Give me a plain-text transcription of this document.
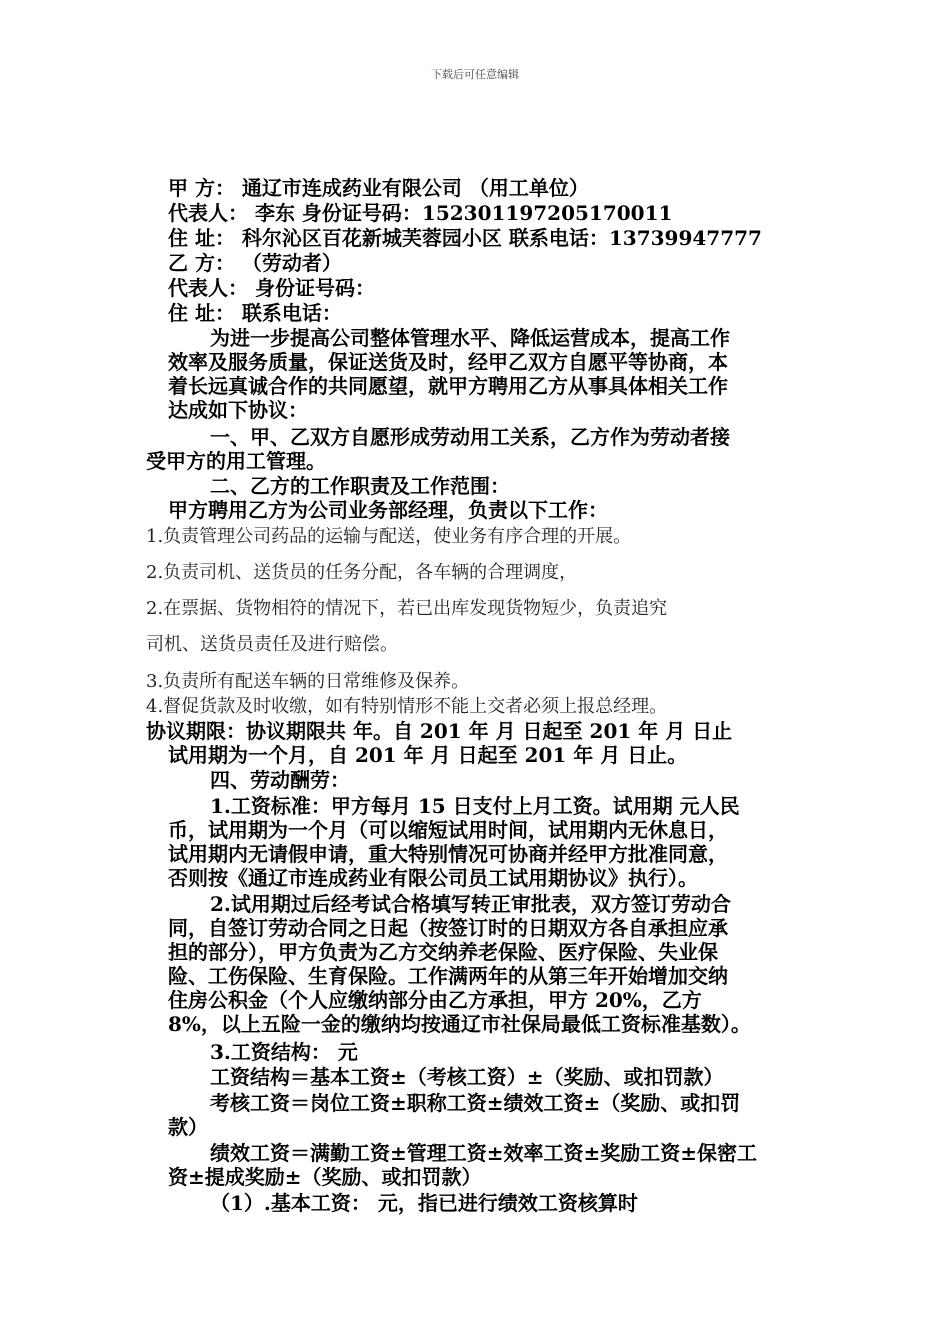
下载后可任意编辑
甲 方： 通辽市连成药业有限公司 （用工单位）
代表人： 李东 身份证号码：152301197205170011
住 址： 科尔沁区百花新城芙蓉园小区 联系电话：13739947777
乙 方： （劳动者）
代表人： 身份证号码：
住 址： 联系电话：
为进一步提高公司整体管理水平、降低运营成本，提高工作
效率及服务质量，保证送货及时，经甲乙双方自愿平等协商，本
着长远真诚合作的共同愿望，就甲方聘用乙方从事具体相关工作
达成如下协议：
一、甲、乙双方自愿形成劳动用工关系，乙方作为劳动者接
受甲方的用工管理。
二、乙方的工作职责及工作范围：
甲方聘用乙方为公司业务部经理，负责以下工作：
1.负责管理公司药品的运输与配送，使业务有序合理的开展。
2.负责司机、送货员的任务分配，各车辆的合理调度，
2.在票据、货物相符的情况下，若已出库发现货物短少，负责追究
司机、送货员责任及进行赔偿。
3.负责所有配送车辆的日常维修及保养。
4.督促货款及时收缴，如有特别情形不能上交者必须上报总经理。
协议期限：协议期限共 年。自 201 年 月 日起至 201 年 月 日止
试用期为一个月，自 201 年 月 日起至 201 年 月 日止。
四、劳动酬劳：
1.工资标准：甲方每月 15 日支付上月工资。试用期 元人民
币，试用期为一个月（可以缩短试用时间，试用期内无休息日，
试用期内无请假申请，重大特别情况可协商并经甲方批准同意，
否则按《通辽市连成药业有限公司员工试用期协议》执行）。
2.试用期过后经考试合格填写转正审批表，双方签订劳动合
同，自签订劳动合同之日起（按签订时的日期双方各自承担应承
担的部分），甲方负责为乙方交纳养老保险、医疗保险、失业保
险、工伤保险、生育保险。工作满两年的从第三年开始增加交纳
住房公积金（个人应缴纳部分由乙方承担，甲方 20%，乙方
8%，以上五险一金的缴纳均按通辽市社保局最低工资标准基数）。
3.工资结构： 元
工资结构＝基本工资±（考核工资）±（奖励、或扣罚款）
考核工资＝岗位工资±职称工资±绩效工资±（奖励、或扣罚
款）
绩效工资＝满勤工资±管理工资±效率工资±奖励工资±保密工
资±提成奖励±（奖励、或扣罚款）
（1）.基本工资： 元，指已进行绩效工资核算时
